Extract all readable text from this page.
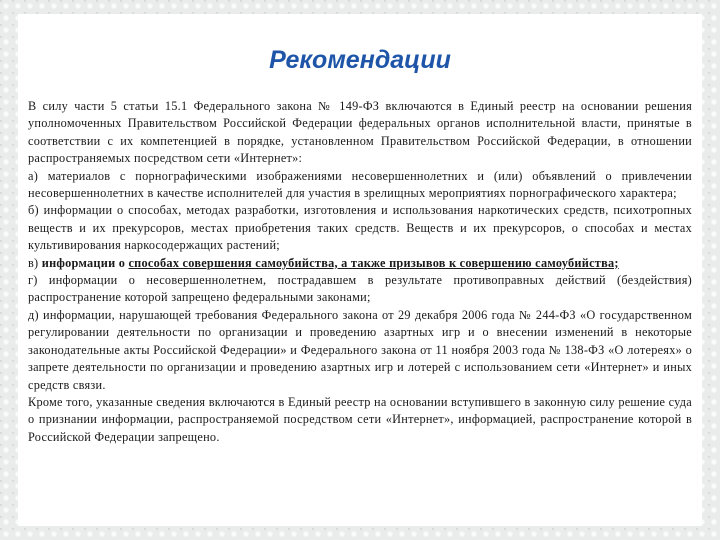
Рекомендации

В силу части 5 статьи 15.1 Федерального закона № 149-ФЗ включаются в Единый реестр на основании решения уполномоченных Правительством Российской Федерации федеральных органов исполнительной власти, принятые в соответствии с их компетенцией в порядке, установленном Правительством Российской Федерации, в отношении распространяемых посредством сети «Интернет»:

а) материалов с порнографическими изображениями несовершеннолетних и (или) объявлений о привлечении несовершеннолетних в качестве исполнителей для участия в зрелищных мероприятиях порнографического характера;

б) информации о способах, методах разработки, изготовления и использования наркотических средств, психотропных веществ и их прекурсоров, местах приобретения таких средств. Веществ и их прекурсоров, о способах и местах культивирования наркосодержащих растений;

в) информации о способах совершения самоубийства, а также призывов к совершению самоубийства;

г) информации о несовершеннолетнем, пострадавшем в результате противоправных действий (бездействия) распространение которой запрещено федеральными законами;

д) информации, нарушающей требования Федерального закона от 29 декабря 2006 года № 244-ФЗ «О государственном регулировании деятельности по организации и проведению азартных игр и о внесении изменений в некоторые законодательные акты Российской Федерации» и Федерального закона от 11 ноября 2003 года № 138-ФЗ «О лотереях» о запрете деятельности по организации и проведению азартных игр и лотерей с использованием сети «Интернет» и иных средств связи.

Кроме того, указанные сведения включаются в Единый реестр на основании вступившего в законную силу решение суда о признании информации, распространяемой посредством сети «Интернет», информацией, распространение которой в Российской Федерации запрещено.
